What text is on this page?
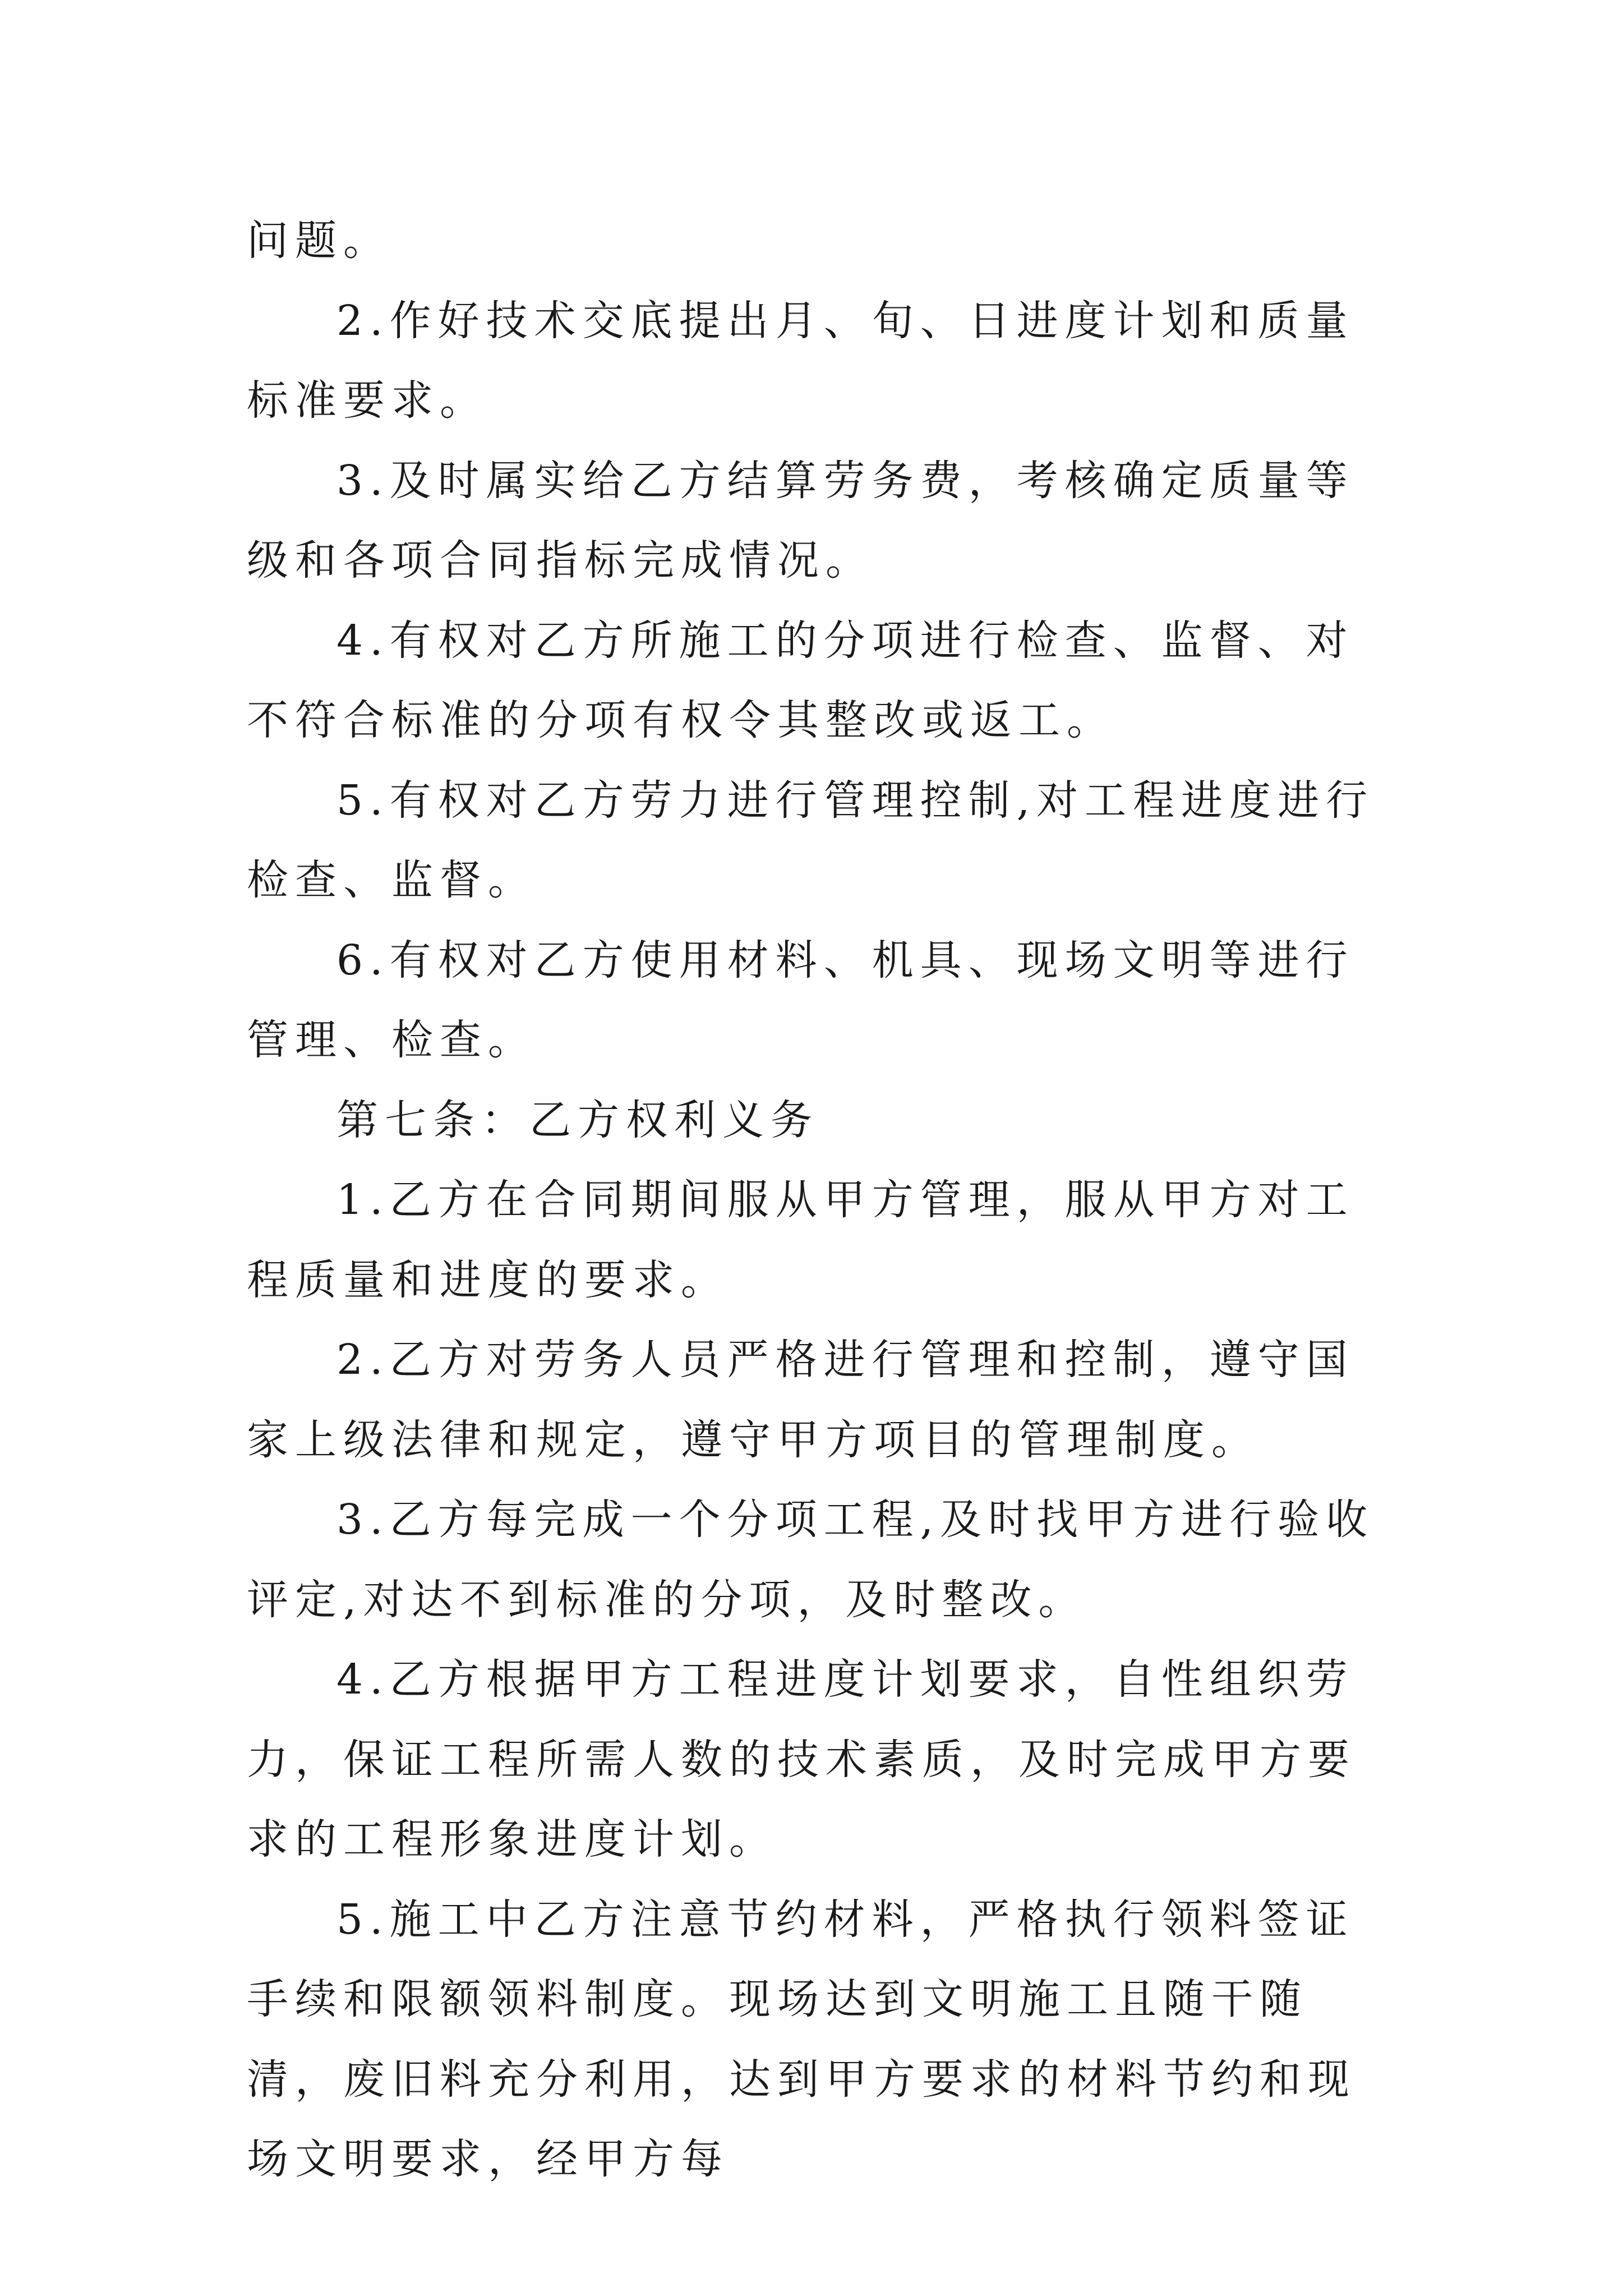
问题。

2.作好技术交底提出月、旬、日进度计划和质量标准要求。

3.及时属实给乙方结算劳务费，考核确定质量等级和各项合同指标完成情况。

4.有权对乙方所施工的分项进行检查、监督、对不符合标准的分项有权令其整改或返工。

5.有权对乙方劳力进行管理控制,对工程进度进行检查、监督。

6.有权对乙方使用材料、机具、现场文明等进行管理、检查。

第七条：乙方权利义务

1.乙方在合同期间服从甲方管理，服从甲方对工程质量和进度的要求。

2.乙方对劳务人员严格进行管理和控制，遵守国家上级法律和规定，遵守甲方项目的管理制度。

3.乙方每完成一个分项工程,及时找甲方进行验收评定,对达不到标准的分项，及时整改。

4.乙方根据甲方工程进度计划要求，自性组织劳力，保证工程所需人数的技术素质，及时完成甲方要求的工程形象进度计划。

5.施工中乙方注意节约材料，严格执行领料签证手续和限额领料制度。现场达到文明施工且随干随清，废旧料充分利用，达到甲方要求的材料节约和现场文明要求，经甲方每
